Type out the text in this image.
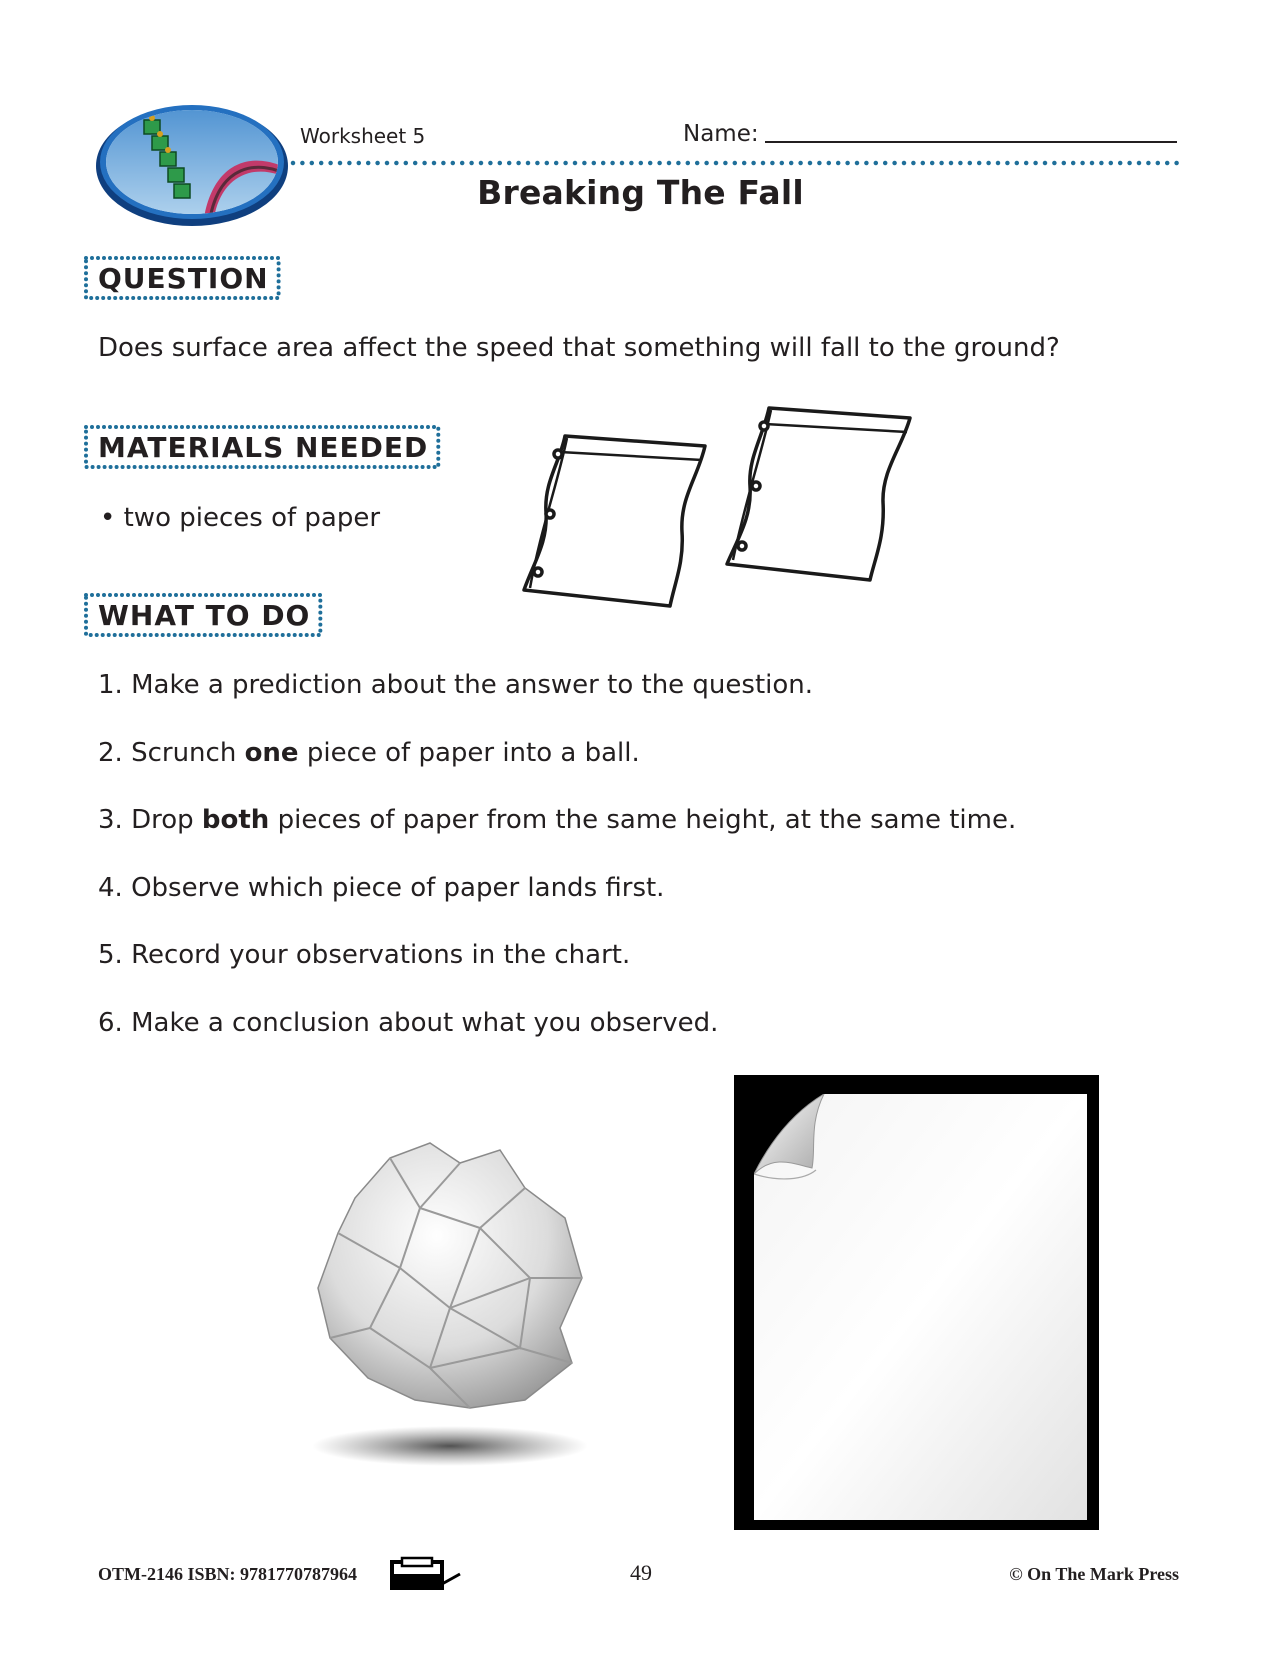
Worksheet 5	Name:
Breaking The Fall
QUESTION
Does surface area affect the speed that something will fall to the ground?
MATERIALS NEEDED
• two pieces of paper
WHAT TO DO
1. Make a prediction about the answer to the question.
2. Scrunch one piece of paper into a ball.
3. Drop both pieces of paper from the same height, at the same time.
4. Observe which piece of paper lands first.
5. Record your observations in the chart.
6. Make a conclusion about what you observed.
OTM-2146 ISBN: 9781770787964	49	© On The Mark Press
